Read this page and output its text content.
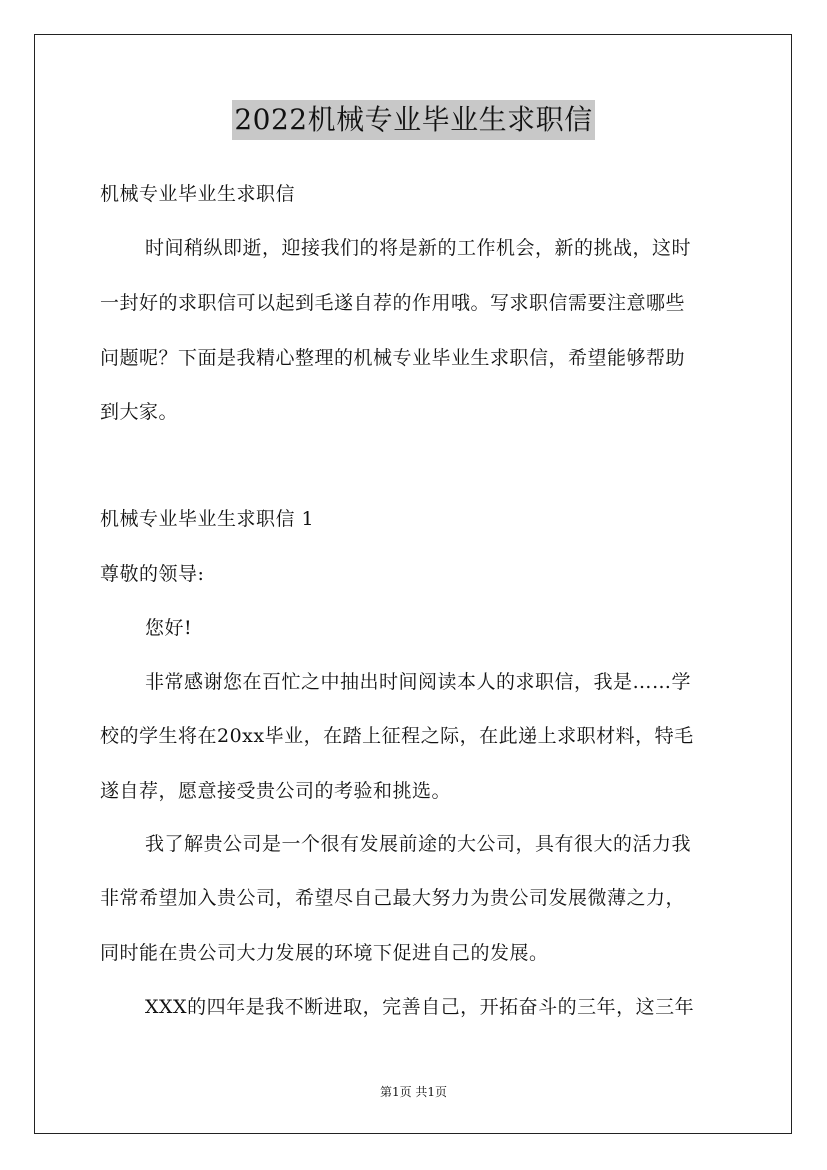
2022机械专业毕业生求职信
机械专业毕业生求职信
时间稍纵即逝，迎接我们的将是新的工作机会，新的挑战，这时
一封好的求职信可以起到毛遂自荐的作用哦。写求职信需要注意哪些
问题呢？下面是我精心整理的机械专业毕业生求职信，希望能够帮助
到大家。
机械专业毕业生求职信 1
尊敬的领导:
您好!
非常感谢您在百忙之中抽出时间阅读本人的求职信，我是……学
校的学生将在20xx毕业，在踏上征程之际，在此递上求职材料，特毛
遂自荐，愿意接受贵公司的考验和挑选。
我了解贵公司是一个很有发展前途的大公司，具有很大的活力我
非常希望加入贵公司，希望尽自己最大努力为贵公司发展微薄之力，
同时能在贵公司大力发展的环境下促进自己的发展。
XXX的四年是我不断进取，完善自己，开拓奋斗的三年，这三年
第1页 共1页
